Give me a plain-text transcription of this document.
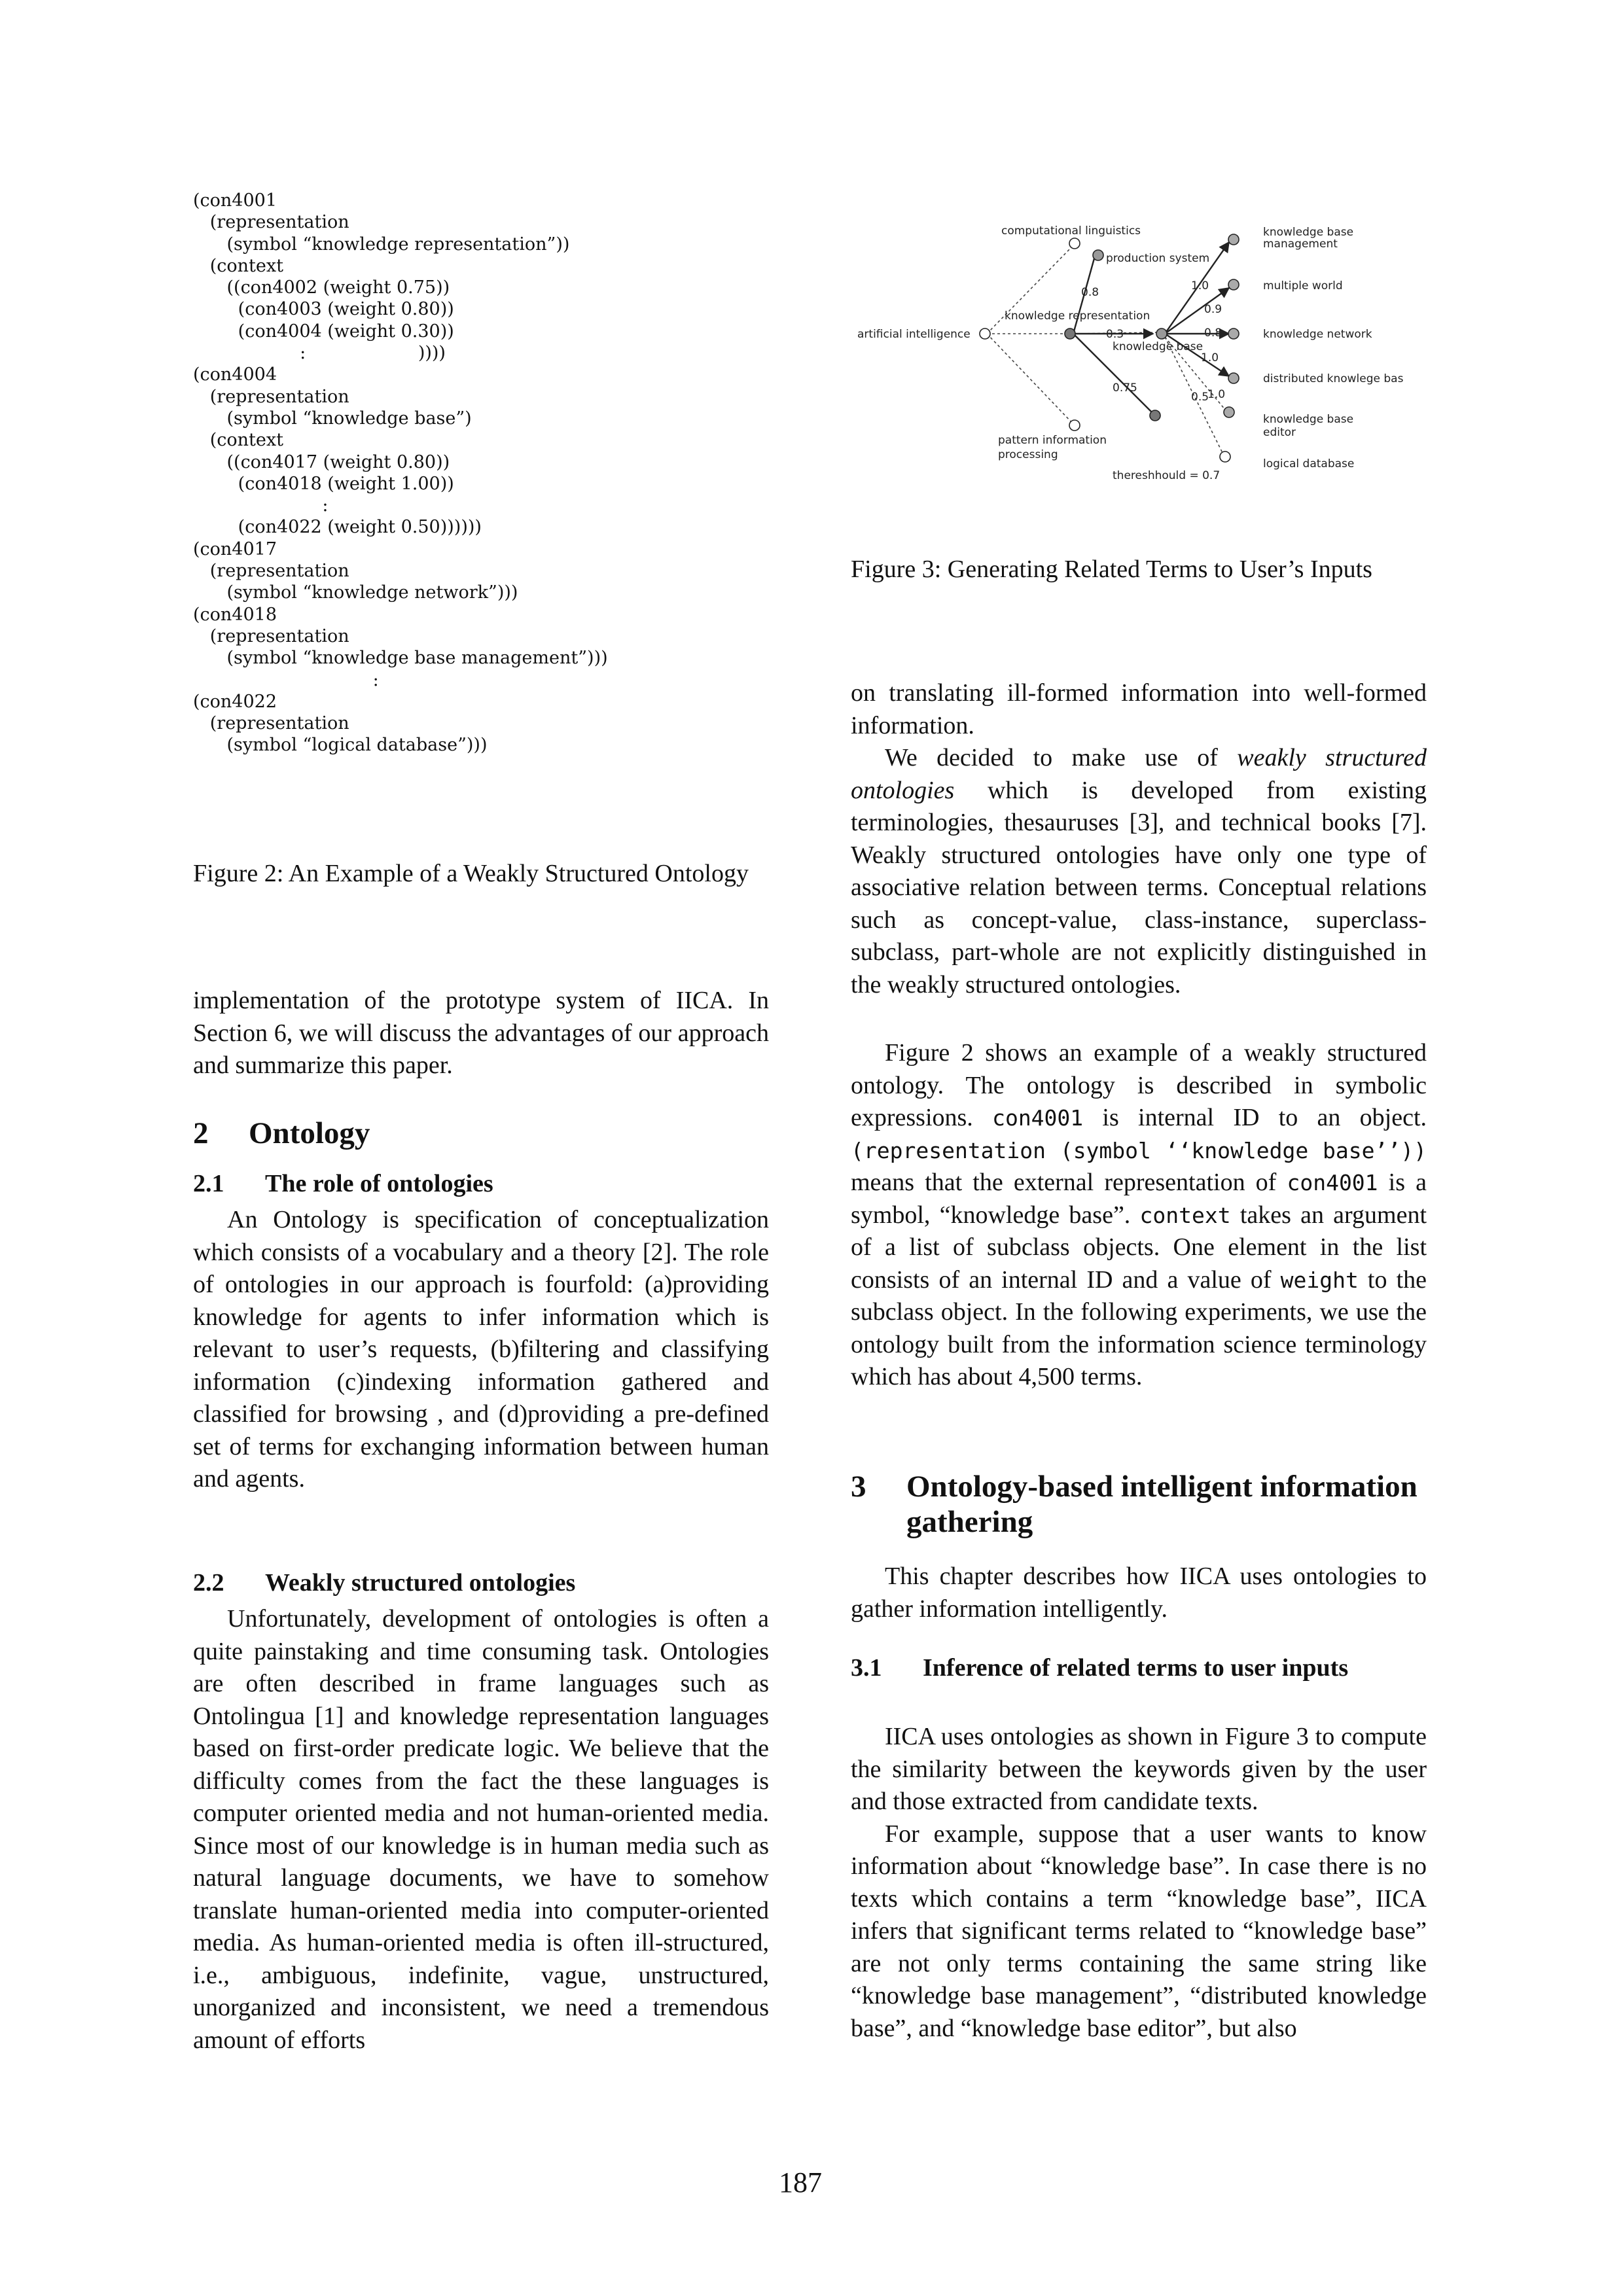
(con4001
(representation
(symbol “knowledge representation”))
(context
((con4002 (weight 0.75))
(con4003 (weight 0.80))
(con4004 (weight 0.30))
:                    ))))
(con4004
(representation
(symbol “knowledge base”)
(context
((con4017 (weight 0.80))
(con4018 (weight 1.00))
:
(con4022 (weight 0.50))))))
(con4017
(representation
(symbol “knowledge network”)))
(con4018
(representation
(symbol “knowledge base management”)))
:
(con4022
(representation
(symbol “logical database”)))
Figure 2: An Example of a Weakly Structured Ontology
implementation of the prototype system of IICA. In Section 6, we will discuss the advantages of our approach and summarize this paper.
2 Ontology
2.1 The role of ontologies

An Ontology is specification of conceptualization which consists of a vocabulary and a theory [2]. The role of ontologies in our approach is fourfold: (a)providing knowledge for agents to infer information which is relevant to user’s requests, (b)filtering and classifying information (c)indexing information gathered and classified for browsing , and (d)providing a pre-defined set of terms for exchanging information between human and agents.

2.2 Weakly structured ontologies

Unfortunately, development of ontologies is often a quite painstaking and time consuming task. Ontologies are often described in frame languages such as Ontolingua [1] and knowledge representation languages based on first-order predicate logic. We believe that the difficulty comes from the fact the these languages is computer oriented media and not human-oriented media. Since most of our knowledge is in human media such as natural language documents, we have to somehow translate human-oriented media into computer-oriented media. As human-oriented media is often ill-structured, i.e., ambiguous, indefinite, vague, unstructured, unorganized and inconsistent, we need a tremendous amount of efforts

computational linguistics
production system
knowledge representation
artificial intelligence
knowledge base
pattern information
processing
knowledge base
management
multiple world
knowledge network
distributed knowlege bas
knowledge base
editor
logical database
0.8
0.3
0.75
1.0
0.9
0.8
1.0
0.5
1.0
thereshhould = 0.7
Figure 3: Generating Related Terms to User’s Inputs
on translating ill-formed information into well-formed information.

We decided to make use of weakly structured ontologies which is developed from existing terminologies, thesauruses [3], and technical books [7]. Weakly structured ontologies have only one type of associative relation between terms. Conceptual relations such as concept-value, class-instance, superclass-subclass, part-whole are not explicitly distinguished in the weakly structured ontologies.

Figure 2 shows an example of a weakly structured ontology. The ontology is described in symbolic expressions. con4001 is internal ID to an object. (representation (symbol ‘‘knowledge base’’)) means that the external representation of con4001 is a symbol, “knowledge base”. context takes an argument of a list of subclass objects. One element in the list consists of an internal ID and a value of weight to the subclass object. In the following experiments, we use the ontology built from the information science terminology which has about 4,500 terms.

3	Ontology-based intelligent information gathering

This chapter describes how IICA uses ontologies to gather information intelligently.

3.1	Inference of related terms to user inputs

IICA uses ontologies as shown in Figure 3 to compute the similarity between the keywords given by the user and those extracted from candidate texts.

For example, suppose that a user wants to know information about “knowledge base”. In case there is no texts which contains a term “knowledge base”, IICA infers that significant terms related to “knowledge base” are not only terms containing the same string like “knowledge base management”, “distributed knowledge base”, and “knowledge base editor”, but also

187
